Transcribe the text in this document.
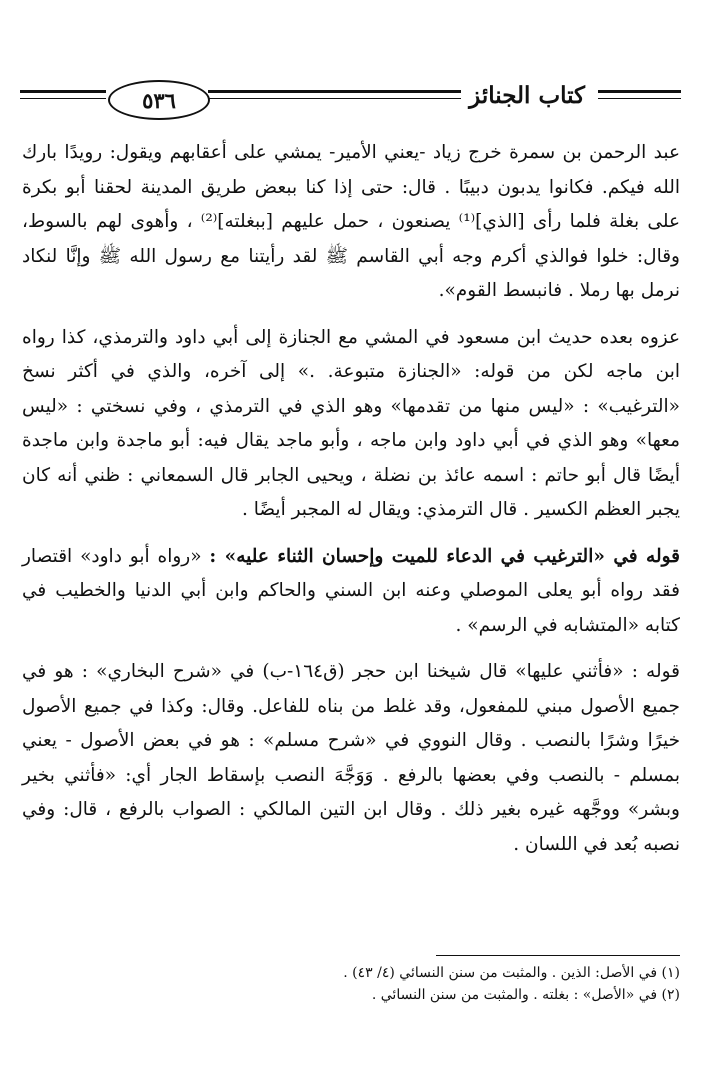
٥٣٦	كتاب الجنائز

عبد الرحمن بن سمرة خرج زياد -يعني الأمير- يمشي على أعقابهم ويقول: رويدًا بارك الله فيكم. فكانوا يدبون دبيبًا . قال: حتى إذا كنا ببعض طريق المدينة لحقنا أبو بكرة على بغلة فلما رأى [الذي]⁽¹⁾ يصنعون ، حمل عليهم [ببغلته]⁽²⁾ ، وأهوى لهم بالسوط، وقال: خلوا فوالذي أكرم وجه أبي القاسم ﷺ لقد رأيتنا مع رسول الله ﷺ وإنَّا لنكاد نرمل بها رملا . فانبسط القوم».

عزوه بعده حديث ابن مسعود في المشي مع الجنازة إلى أبي داود والترمذي، كذا رواه ابن ماجه لكن من قوله: «الجنازة متبوعة. .» إلى آخره، والذي في أكثر نسخ «الترغيب» : «ليس منها من تقدمها» وهو الذي في الترمذي ، وفي نسختي : «ليس معها» وهو الذي في أبي داود وابن ماجه ، وأبو ماجد يقال فيه: أبو ماجدة وابن ماجدة أيضًا قال أبو حاتم : اسمه عائذ بن نضلة ، ويحيى الجابر قال السمعاني : ظني أنه كان يجبر العظم الكسير . قال الترمذي: ويقال له المجبر أيضًا .

قوله في «الترغيب في الدعاء للميت وإحسان الثناء عليه» : «رواه أبو داود» اقتصار فقد رواه أبو يعلى الموصلي وعنه ابن السني والحاكم وابن أبي الدنيا والخطيب في كتابه «المتشابه في الرسم» .

قوله : «فأثني عليها» قال شيخنا ابن حجر (ق١٦٤-ب) في «شرح البخاري» : هو في جميع الأصول مبني للمفعول، وقد غلط من بناه للفاعل. وقال: وكذا في جميع الأصول خيرًا وشرًا بالنصب . وقال النووي في «شرح مسلم» : هو في بعض الأصول - يعني بمسلم - بالنصب وفي بعضها بالرفع . وَوَجَّهَ النصب بإسقاط الجار أي: «فأثني بخير وبشر» ووجَّهه غيره بغير ذلك . وقال ابن التين المالكي : الصواب بالرفع ، قال: وفي نصبه بُعد في اللسان .

(١) في الأصل: الذين . والمثبت من سنن النسائي (٤/ ٤٣) .
(٢) في «الأصل» : بغلته . والمثبت من سنن النسائي .
